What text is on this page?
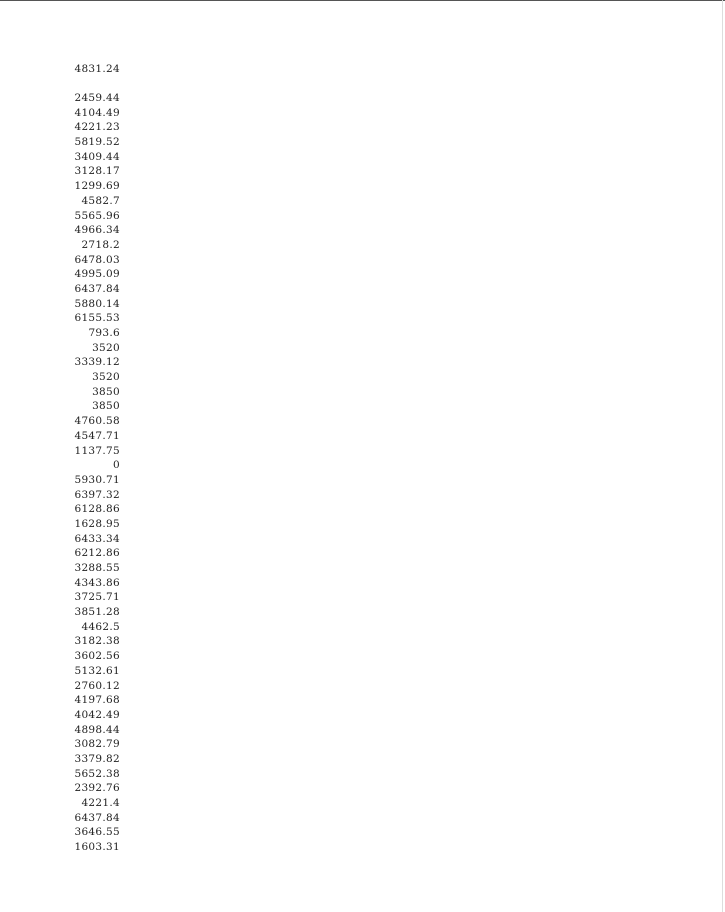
4831.24
2459.44
4104.49
4221.23
5819.52
3409.44
3128.17
1299.69
4582.7
5565.96
4966.34
2718.2
6478.03
4995.09
6437.84
5880.14
6155.53
793.6
3520
3339.12
3520
3850
3850
4760.58
4547.71
1137.75
0
5930.71
6397.32
6128.86
1628.95
6433.34
6212.86
3288.55
4343.86
3725.71
3851.28
4462.5
3182.38
3602.56
5132.61
2760.12
4197.68
4042.49
4898.44
3082.79
3379.82
5652.38
2392.76
4221.4
6437.84
3646.55
1603.31
